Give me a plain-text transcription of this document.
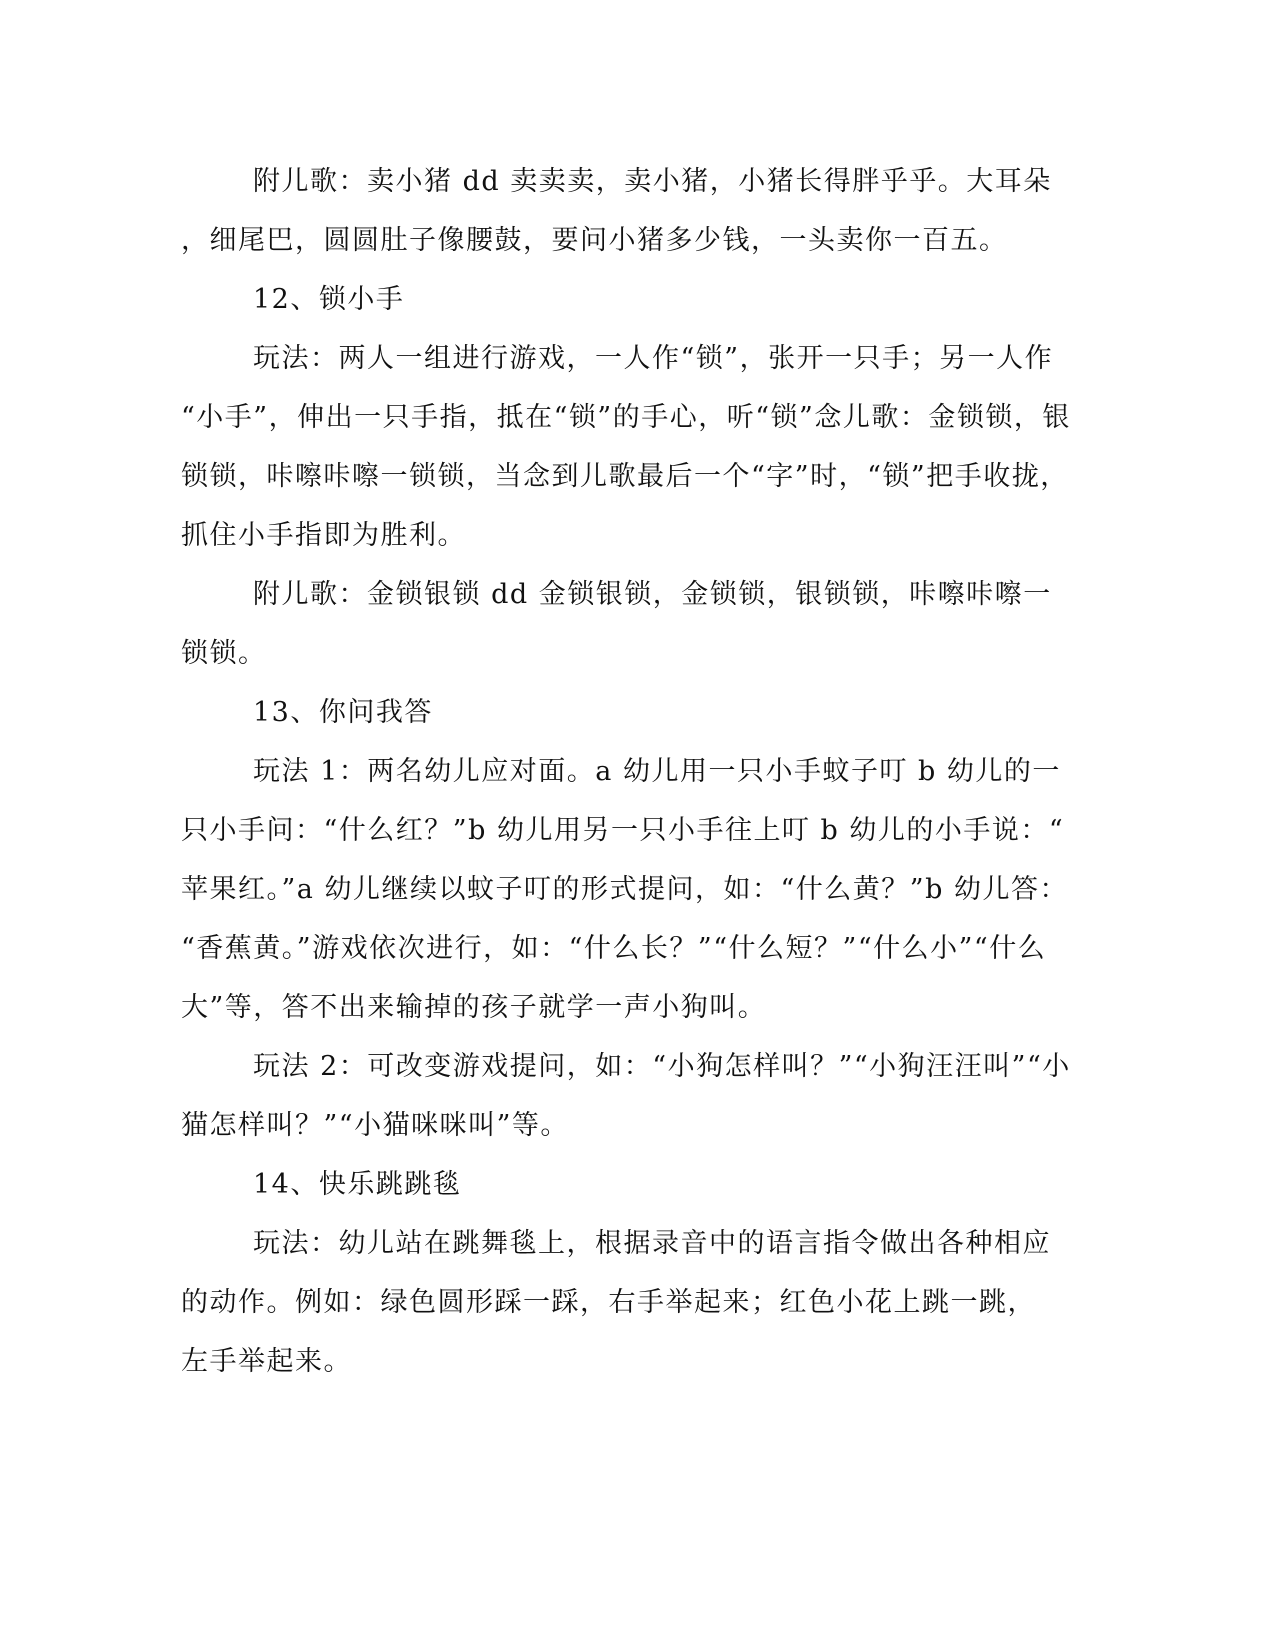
附儿歌：卖小猪 dd 卖卖卖，卖小猪，小猪长得胖乎乎。大耳朵
，细尾巴，圆圆肚子像腰鼓，要问小猪多少钱，一头卖你一百五。
12、锁小手
玩法：两人一组进行游戏，一人作“锁”，张开一只手；另一人作
“小手”，伸出一只手指，抵在“锁”的手心，听“锁”念儿歌：金锁锁，银
锁锁，咔嚓咔嚓一锁锁，当念到儿歌最后一个“字”时，“锁”把手收拢，
抓住小手指即为胜利。
附儿歌：金锁银锁 dd 金锁银锁，金锁锁，银锁锁，咔嚓咔嚓一
锁锁。
13、你问我答
玩法 1：两名幼儿应对面。a 幼儿用一只小手蚊子叮 b 幼儿的一
只小手问：“什么红？”b 幼儿用另一只小手往上叮 b 幼儿的小手说：“
苹果红。”a 幼儿继续以蚊子叮的形式提问，如：“什么黄？”b 幼儿答：
“香蕉黄。”游戏依次进行，如：“什么长？”“什么短？”“什么小”“什么
大”等，答不出来输掉的孩子就学一声小狗叫。
玩法 2：可改变游戏提问，如：“小狗怎样叫？”“小狗汪汪叫”“小
猫怎样叫？”“小猫咪咪叫”等。
14、快乐跳跳毯
玩法：幼儿站在跳舞毯上，根据录音中的语言指令做出各种相应
的动作。例如：绿色圆形踩一踩，右手举起来；红色小花上跳一跳，
左手举起来。
